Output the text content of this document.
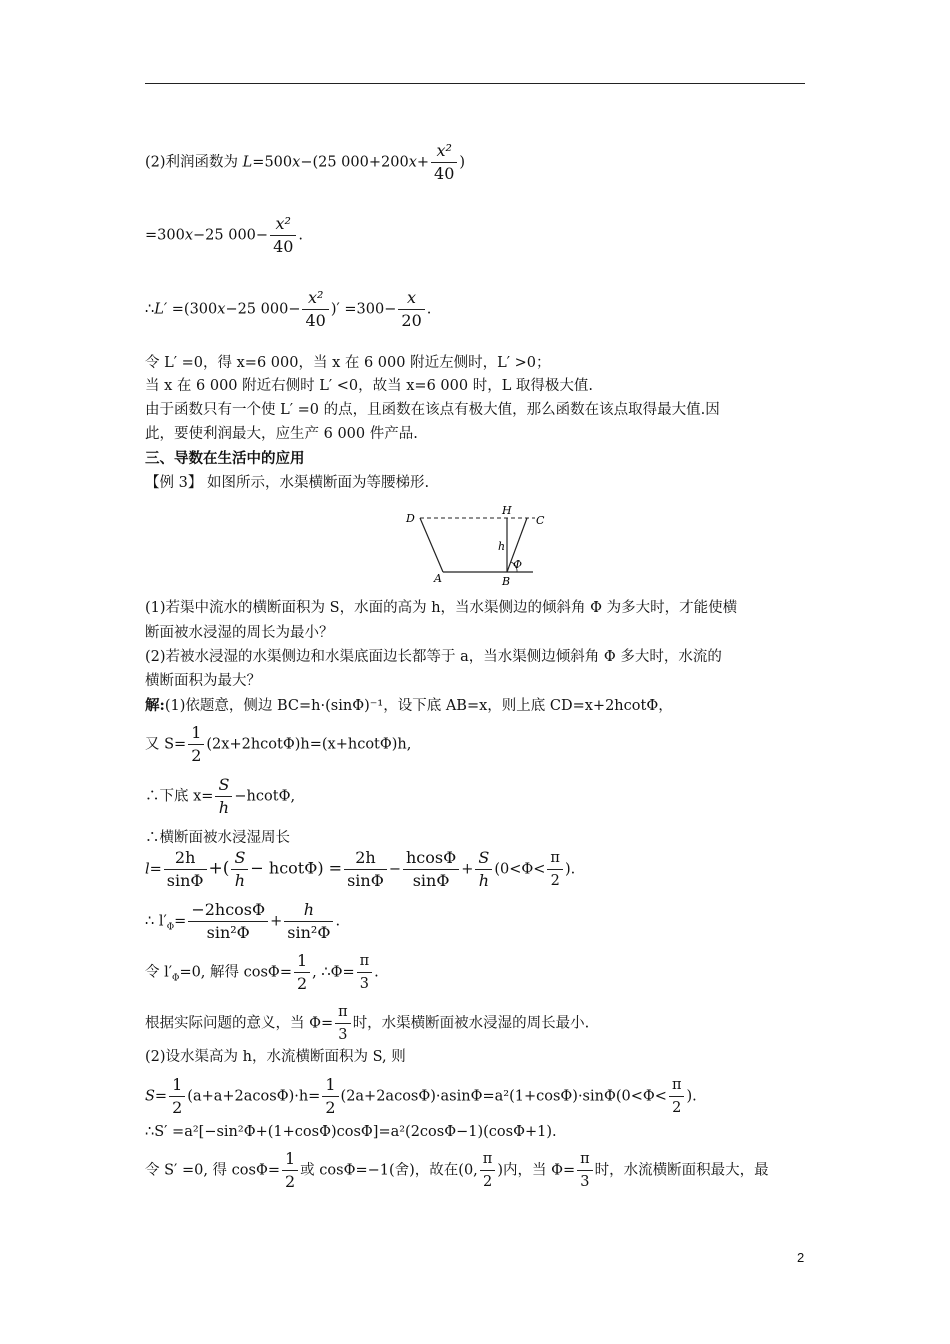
(2)利润函数为 L=500x−(25 $000+200x+ \frac{\text{x²}}{40}$ )
=300x−25 $000- \frac{\text{x²}}{40}$ .
∴L′ =(300x−25 $000- \frac{\text{x²}}{40}$ )′ $=300- \frac{x}{20}$ .
令 L′ =0，得 x=6 000，当 x 在 6 000 附近左侧时，L′ >0；
当 x 在 6 000 附近右侧时 L′ <0，故当 x=6 000 时，L 取得极大值.
由于函数只有一个使 L′ =0 的点，且函数在该点有极大值，那么函数在该点取得最大值.因
此，要使利润最大，应生产 6 000 件产品.
三、导数在生活中的应用
【例 3】 如图所示，水渠横断面为等腰梯形.
D
H
C
h
Φ
A	B
(1)若渠中流水的横断面积为 S，水面的高为 h，当水渠侧边的倾斜角 Φ 为多大时，才能使横
断面被水浸湿的周长为最小？
(2)若被水浸湿的水渠侧边和水渠底面边长都等于 a，当水渠侧边倾斜角 Φ 多大时，水流的
横断面积为最大？
解:(1)依题意，侧边 BC=h·(sinΦ)⁻¹，设下底 AB=x，则上底 CD=x+2hcotΦ，
又 $S= \frac{1}{2} (2x+2hcot\Phi)h=(x+hcot\Phi)h$,
∴下底 $x= \frac{S}{h} -hcot\Phi$,
∴横断面被水浸湿周长
$l= \frac{2h}{\sin\Phi}$ +( $\frac{S}{h} - hcot\Phi) = \frac{2h}{\sin\Phi} - \frac{hcos\Phi}{\sin\Phi} + \frac{S}{h} (0<\Phi< \frac{\pi}{2}$ ).
∴ $l'_\Phi= \frac{-2hcos\Phi}{\text{sin²Φ}} + \frac{h}{\text{sin²Φ}}$ .
令 $l'_\Phi=0$, 解得 $\cos\Phi= \frac{1}{2}$ , ∴Φ= $\frac{\pi}{3}$ .
根据实际问题的意义，当 $\Phi= \frac{\pi}{3}$ 时，水渠横断面被水浸湿的周长最小.
(2)设水渠高为 h，水流横断面积为 S, 则
$S= \frac{1}{2} (a+a+2acos\Phi)\cdot h= \frac{1}{2} (2a+2acos\Phi)\cdot asin\Phi=a^2(1+\cos\Phi)\cdot\sin\Phi(0<\Phi< \frac{\pi}{2}$ ).
∴S′ =a²[−sin²Φ+(1+cosΦ)cosΦ]=a²(2cosΦ−1)(cosΦ+1).
令 S′ =0, 得 $\cos\Phi= \frac{1}{2}$ 或 cosΦ=−1(舍)，故在(0, $\frac{\pi}{2}$ )内，当 $\Phi= \frac{\pi}{3}$ 时，水流横断面积最大，最
2
